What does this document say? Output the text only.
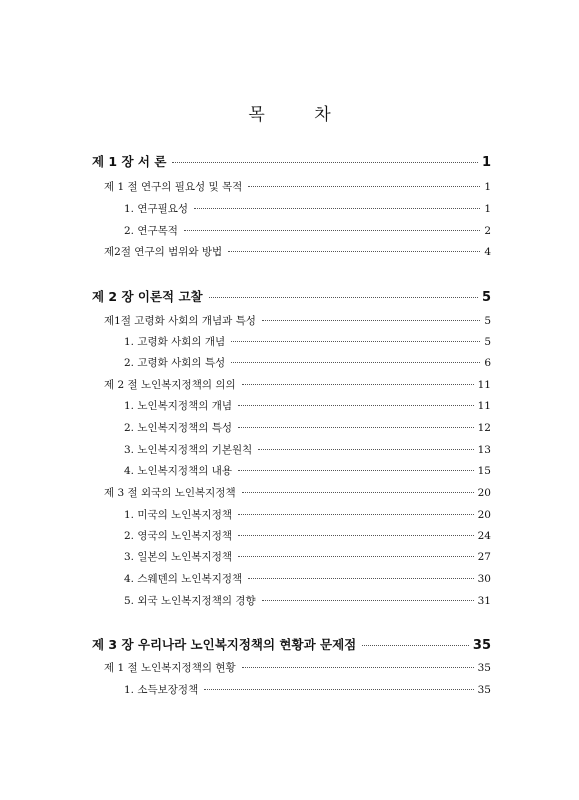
목 차
제 1 장 서 론	1
제 1 절 연구의 필요성 및 목적	1
1. 연구필요성	1
2. 연구목적	2
제2절 연구의 범위와 방법	4
제 2 장 이론적 고찰	5
제1절 고령화 사회의 개념과 특성	5
1. 고령화 사회의 개념	5
2. 고령화 사회의 특성	6
제 2 절 노인복지정책의 의의	11
1. 노인복지정책의 개념	11
2. 노인복지정책의 특성	12
3. 노인복지정책의 기본원칙	13
4. 노인복지정책의 내용	15
제 3 절 외국의 노인복지정책	20
1. 미국의 노인복지정책	20
2. 영국의 노인복지정책	24
3. 일본의 노인복지정책	27
4. 스웨덴의 노인복지정책	30
5. 외국 노인복지정책의 경향	31
제 3 장 우리나라 노인복지정책의 현황과 문제점	35
제 1 절 노인복지정책의 현황	35
1. 소득보장정책	35
